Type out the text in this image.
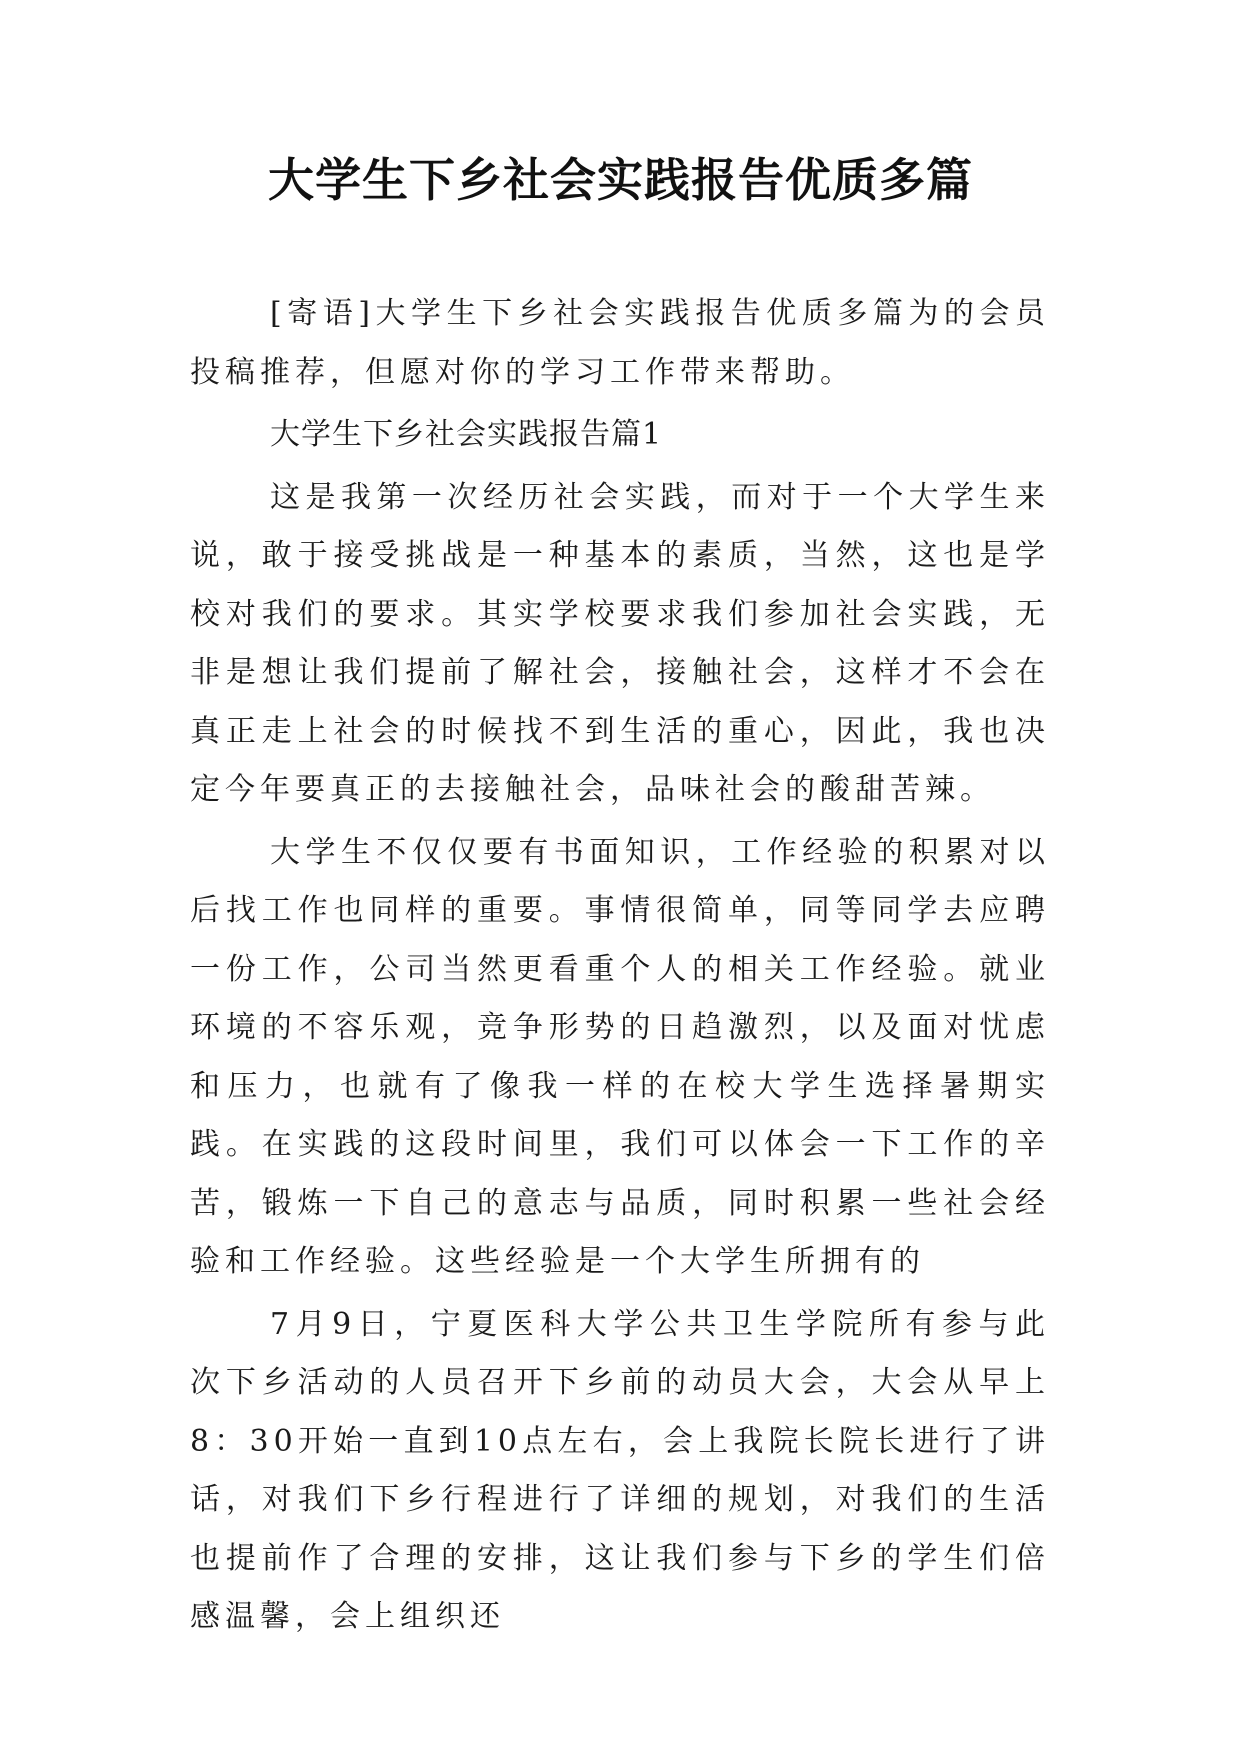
大学生下乡社会实践报告优质多篇

[寄语]大学生下乡社会实践报告优质多篇为的会员投稿推荐，但愿对你的学习工作带来帮助。

大学生下乡社会实践报告篇1

这是我第一次经历社会实践，而对于一个大学生来说，敢于接受挑战是一种基本的素质，当然，这也是学校对我们的要求。其实学校要求我们参加社会实践，无非是想让我们提前了解社会，接触社会，这样才不会在真正走上社会的时候找不到生活的重心，因此，我也决定今年要真正的去接触社会，品味社会的酸甜苦辣。

大学生不仅仅要有书面知识，工作经验的积累对以后找工作也同样的重要。事情很简单，同等同学去应聘一份工作，公司当然更看重个人的相关工作经验。就业环境的不容乐观，竞争形势的日趋激烈，以及面对忧虑和压力，也就有了像我一样的在校大学生选择暑期实践。在实践的这段时间里，我们可以体会一下工作的辛苦，锻炼一下自己的意志与品质，同时积累一些社会经验和工作经验。这些经验是一个大学生所拥有的

7月9日，宁夏医科大学公共卫生学院所有参与此次下乡活动的人员召开下乡前的动员大会，大会从早上8：30开始一直到10点左右，会上我院长院长进行了讲话，对我们下乡行程进行了详细的规划，对我们的生活也提前作了合理的安排，这让我们参与下乡的学生们倍感温馨，会上组织还
